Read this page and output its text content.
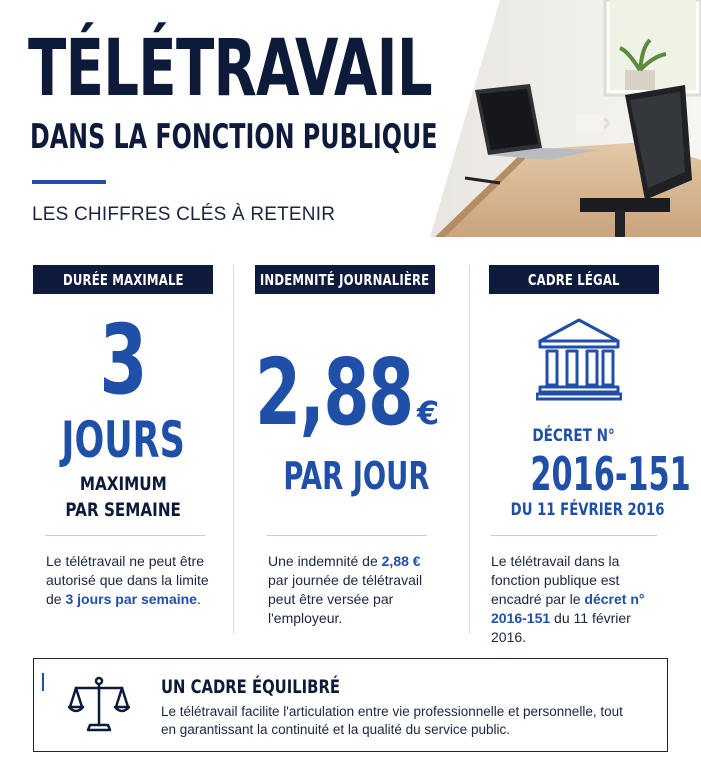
TÉLÉTRAVAIL
DANS LA FONCTION PUBLIQUE
LES CHIFFRES CLÉS À RETENIR
DURÉE MAXIMALE
3
JOURS
MAXIMUM
PAR SEMAINE
Le télétravail ne peut être autorisé que dans la limite de 3 jours par semaine.
INDEMNITÉ JOURNALIÈRE
2,88 €
PAR JOUR
Une indemnité de 2,88 € par journée de télétravail peut être versée par l'employeur.
CADRE LÉGAL
DÉCRET N°
2016-151
DU 11 FÉVRIER 2016
Le télétravail dans la fonction publique est encadré par le décret n° 2016-151 du 11 février 2016.
UN CADRE ÉQUILIBRÉ
Le télétravail facilite l'articulation entre vie professionnelle et personnelle, tout en garantissant la continuité et la qualité du service public.
